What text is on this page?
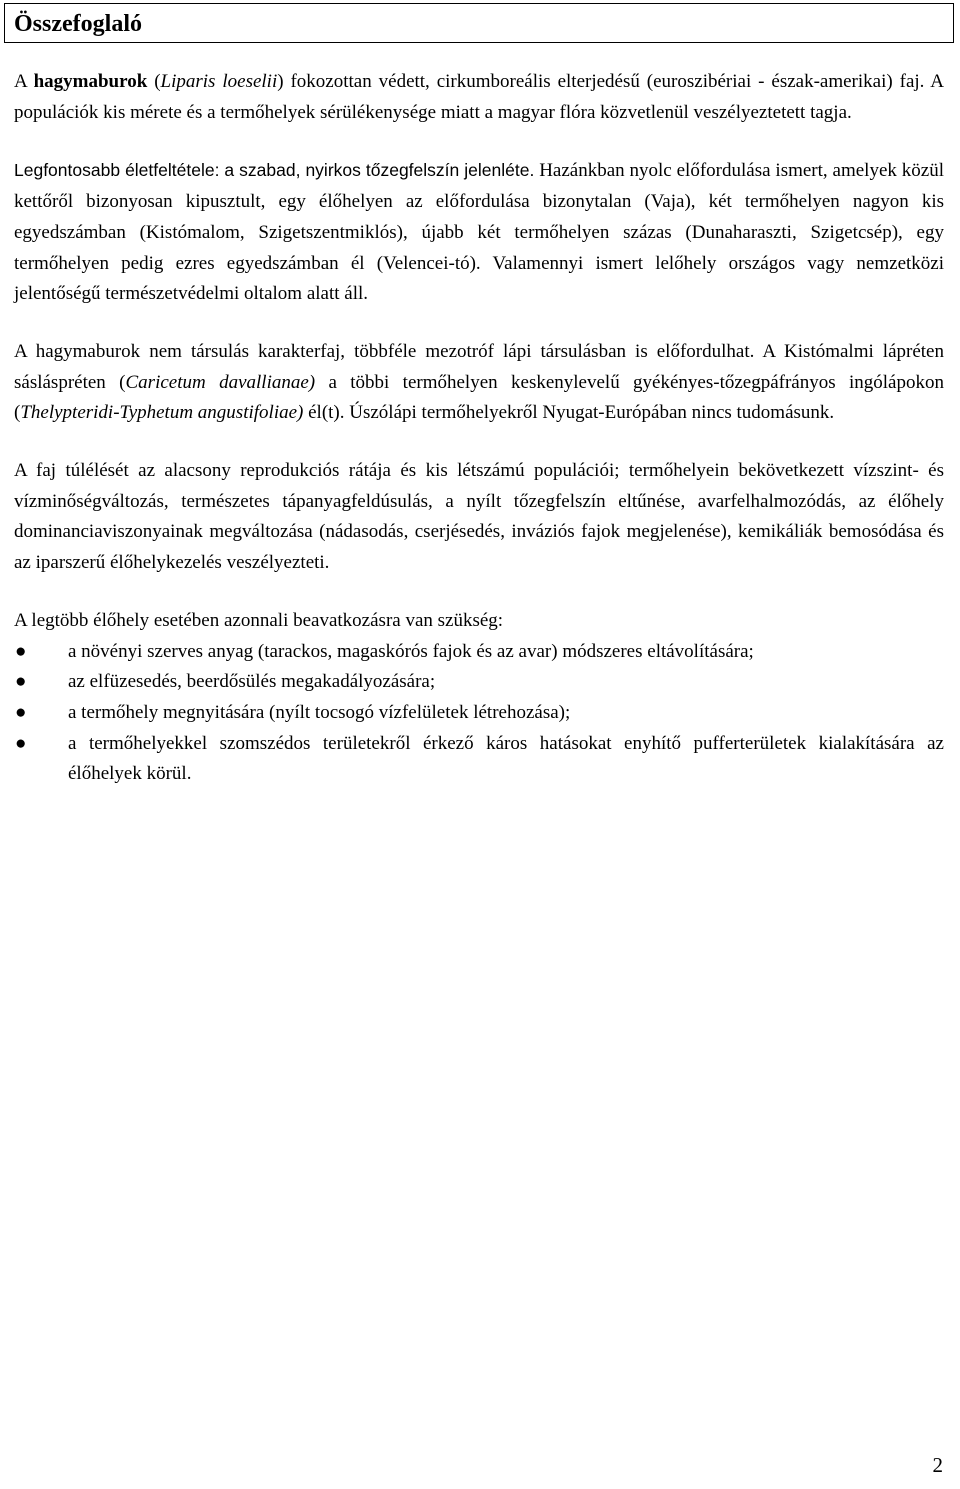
Összefoglaló

A hagymaburok (Liparis loeselii) fokozottan védett, cirkumboreális elterjedésű (euroszibériai - észak-amerikai) faj. A populációk kis mérete és a termőhelyek sérülékenysége miatt a magyar flóra közvetlenül veszélyeztetett tagja.

Legfontosabb életfeltétele: a szabad, nyirkos tőzegfelszín jelenléte. Hazánkban nyolc előfordulása ismert, amelyek közül kettőről bizonyosan kipusztult, egy élőhelyen az előfordulása bizonytalan (Vaja), két termőhelyen nagyon kis egyedszámban (Kistómalom, Szigetszentmiklós), újabb két termőhelyen százas (Dunaharaszti, Szigetcsép), egy termőhelyen pedig ezres egyedszámban él (Velencei-tó). Valamennyi ismert lelőhely országos vagy nemzetközi jelentőségű természetvédelmi oltalom alatt áll.

A hagymaburok nem társulás karakterfaj, többféle mezotróf lápi társulásban is előfordulhat. A Kistómalmi lápréten sásláspréten (Caricetum davallianae) a többi termőhelyen keskenylevelű gyékényes-tőzegpáfrányos ingólápokon (Thelypteridi-Typhetum angustifoliae) él(t). Úszólápi termőhelyekről Nyugat-Európában nincs tudomásunk.

A faj túlélését az alacsony reprodukciós rátája és kis létszámú populációi; termőhelyein bekövetkezett vízszint- és vízminőségváltozás, természetes tápanyagfeldúsulás, a nyílt tőzegfelszín eltűnése, avarfelhalmozódás, az élőhely dominanciaviszonyainak megváltozása (nádasodás, cserjésedés, inváziós fajok megjelenése), kemikáliák bemosódása és az iparszerű élőhelykezelés veszélyezteti.

A legtöbb élőhely esetében azonnali beavatkozásra van szükség:

● a növényi szerves anyag (tarackos, magaskórós fajok és az avar) módszeres eltávolítására;
● az elfüzesedés, beerdősülés megakadályozására;
● a termőhely megnyitására (nyílt tocsogó vízfelületek létrehozása);
● a termőhelyekkel szomszédos területekről érkező káros hatásokat enyhítő pufferterületek kialakítására az élőhelyek körül.
2
